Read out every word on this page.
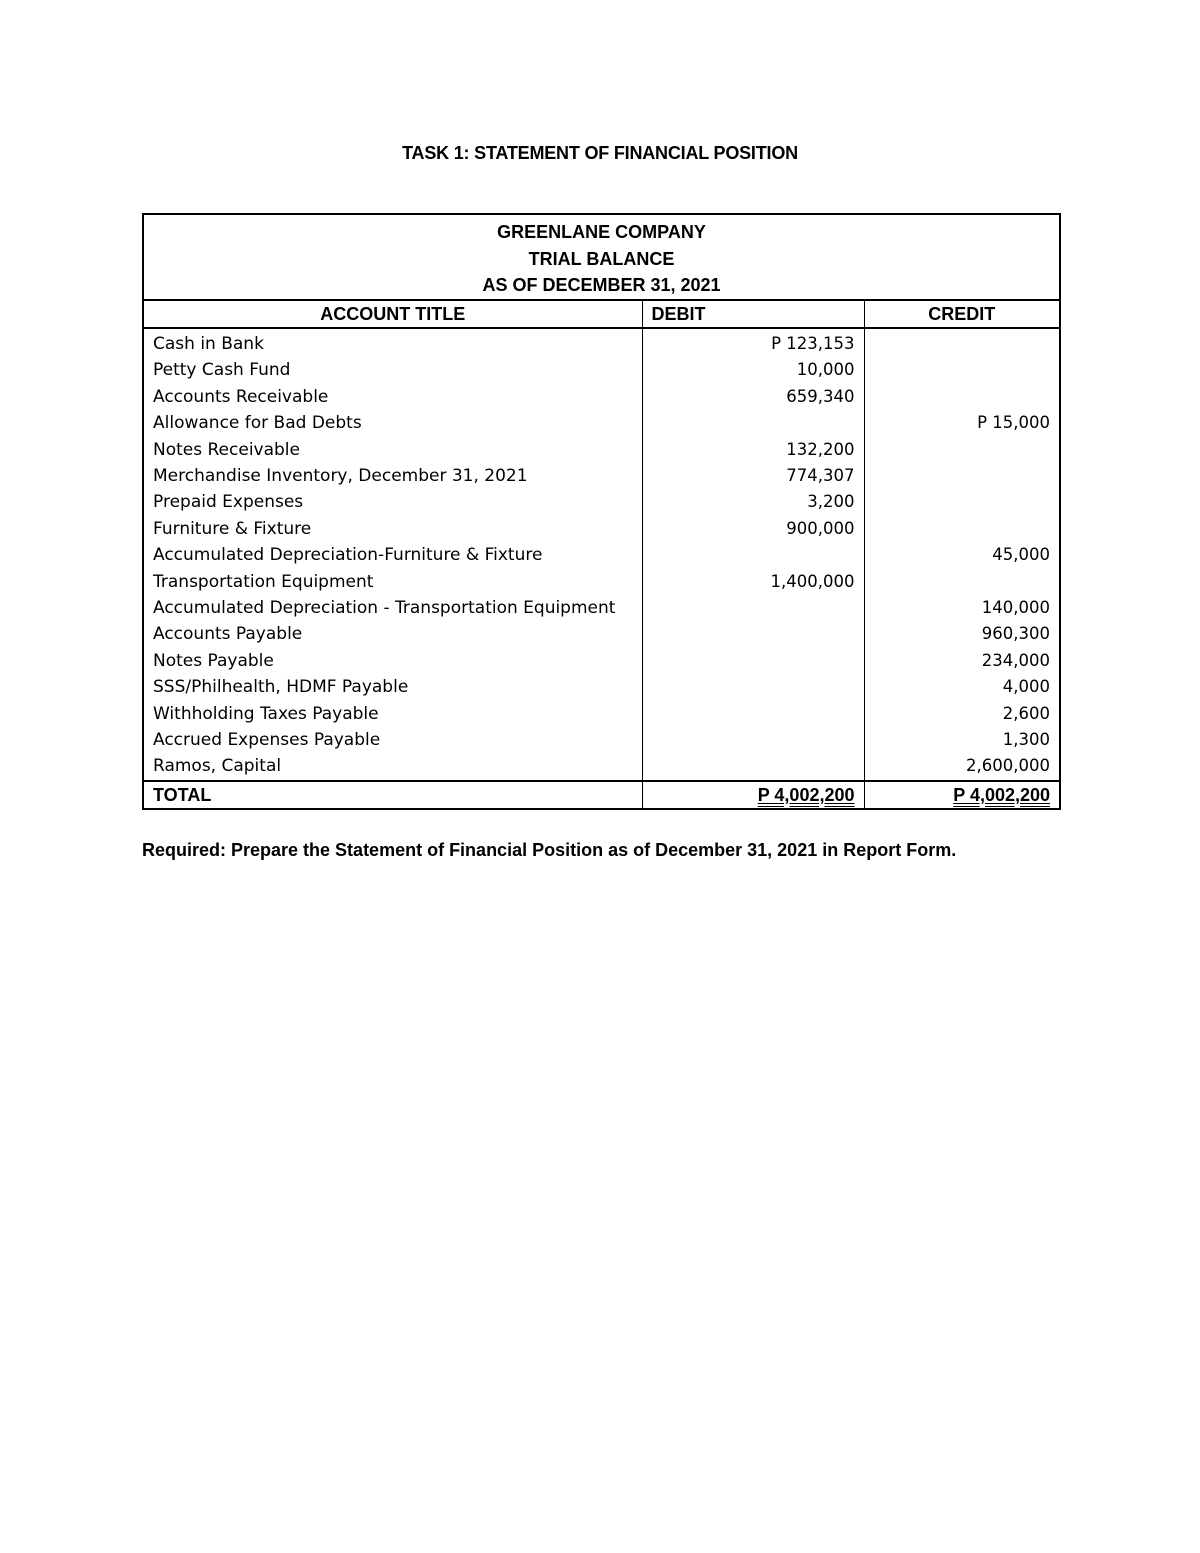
TASK 1: STATEMENT OF FINANCIAL POSITION
GREENLANE COMPANY
TRIAL BALANCE
AS OF DECEMBER 31, 2021		

ACCOUNT TITLE	DEBIT	CREDIT
Cash in Bank	P 123,153	
Petty Cash Fund	10,000	
Accounts Receivable	659,340	
Allowance for Bad Debts		P 15,000
Notes Receivable	132,200	
Merchandise Inventory, December 31, 2021	774,307	
Prepaid Expenses	3,200	
Furniture & Fixture	900,000	
Accumulated Depreciation-Furniture & Fixture		45,000
Transportation Equipment	1,400,000	
Accumulated Depreciation - Transportation Equipment		140,000
Accounts Payable		960,300
Notes Payable		234,000
SSS/Philhealth, HDMF Payable		4,000
Withholding Taxes Payable		2,600
Accrued Expenses Payable		1,300
Ramos, Capital		2,600,000
TOTAL	P 4,002,200	P 4,002,200
Required: Prepare the Statement of Financial Position as of December 31, 2021 in Report Form.
